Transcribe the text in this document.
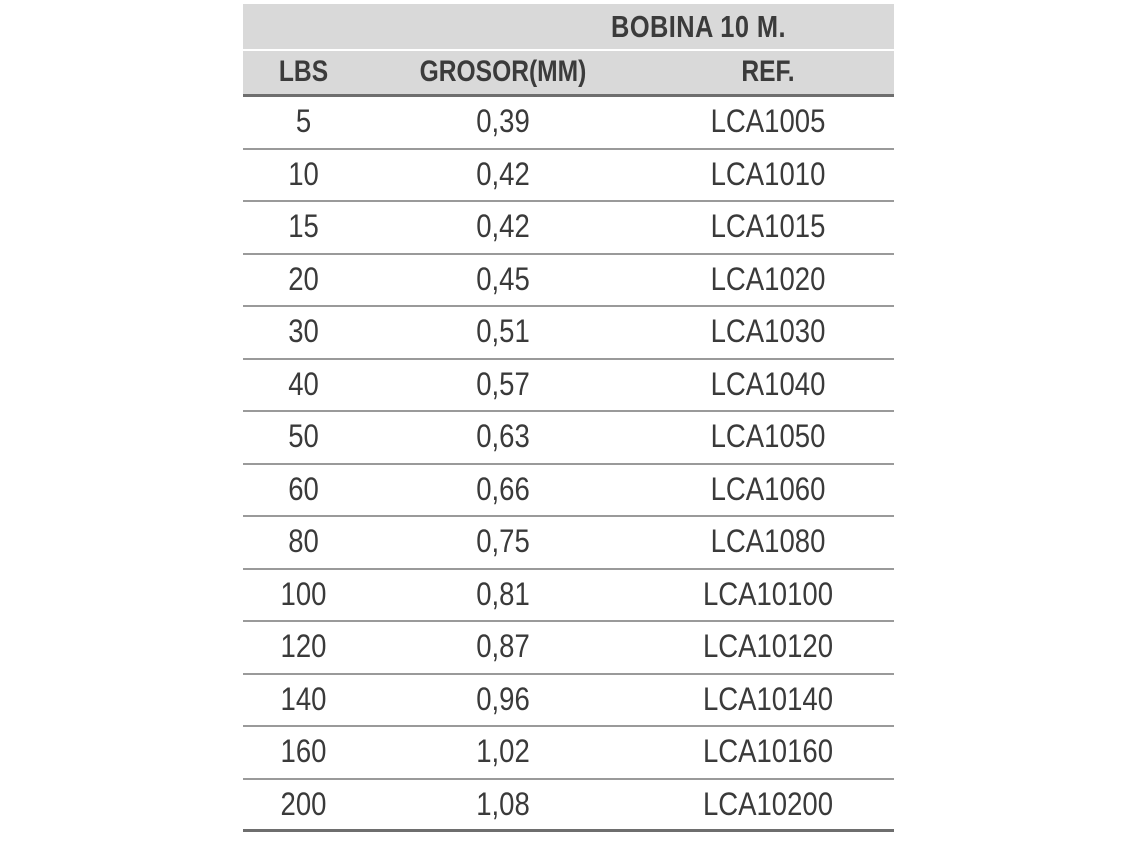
BOBINA 10 M.
LBS	GROSOR(MM)	REF.
5	0,39	LCA1005
10	0,42	LCA1010
15	0,42	LCA1015
20	0,45	LCA1020
30	0,51	LCA1030
40	0,57	LCA1040
50	0,63	LCA1050
60	0,66	LCA1060
80	0,75	LCA1080
100	0,81	LCA10100
120	0,87	LCA10120
140	0,96	LCA10140
160	1,02	LCA10160
200	1,08	LCA10200
